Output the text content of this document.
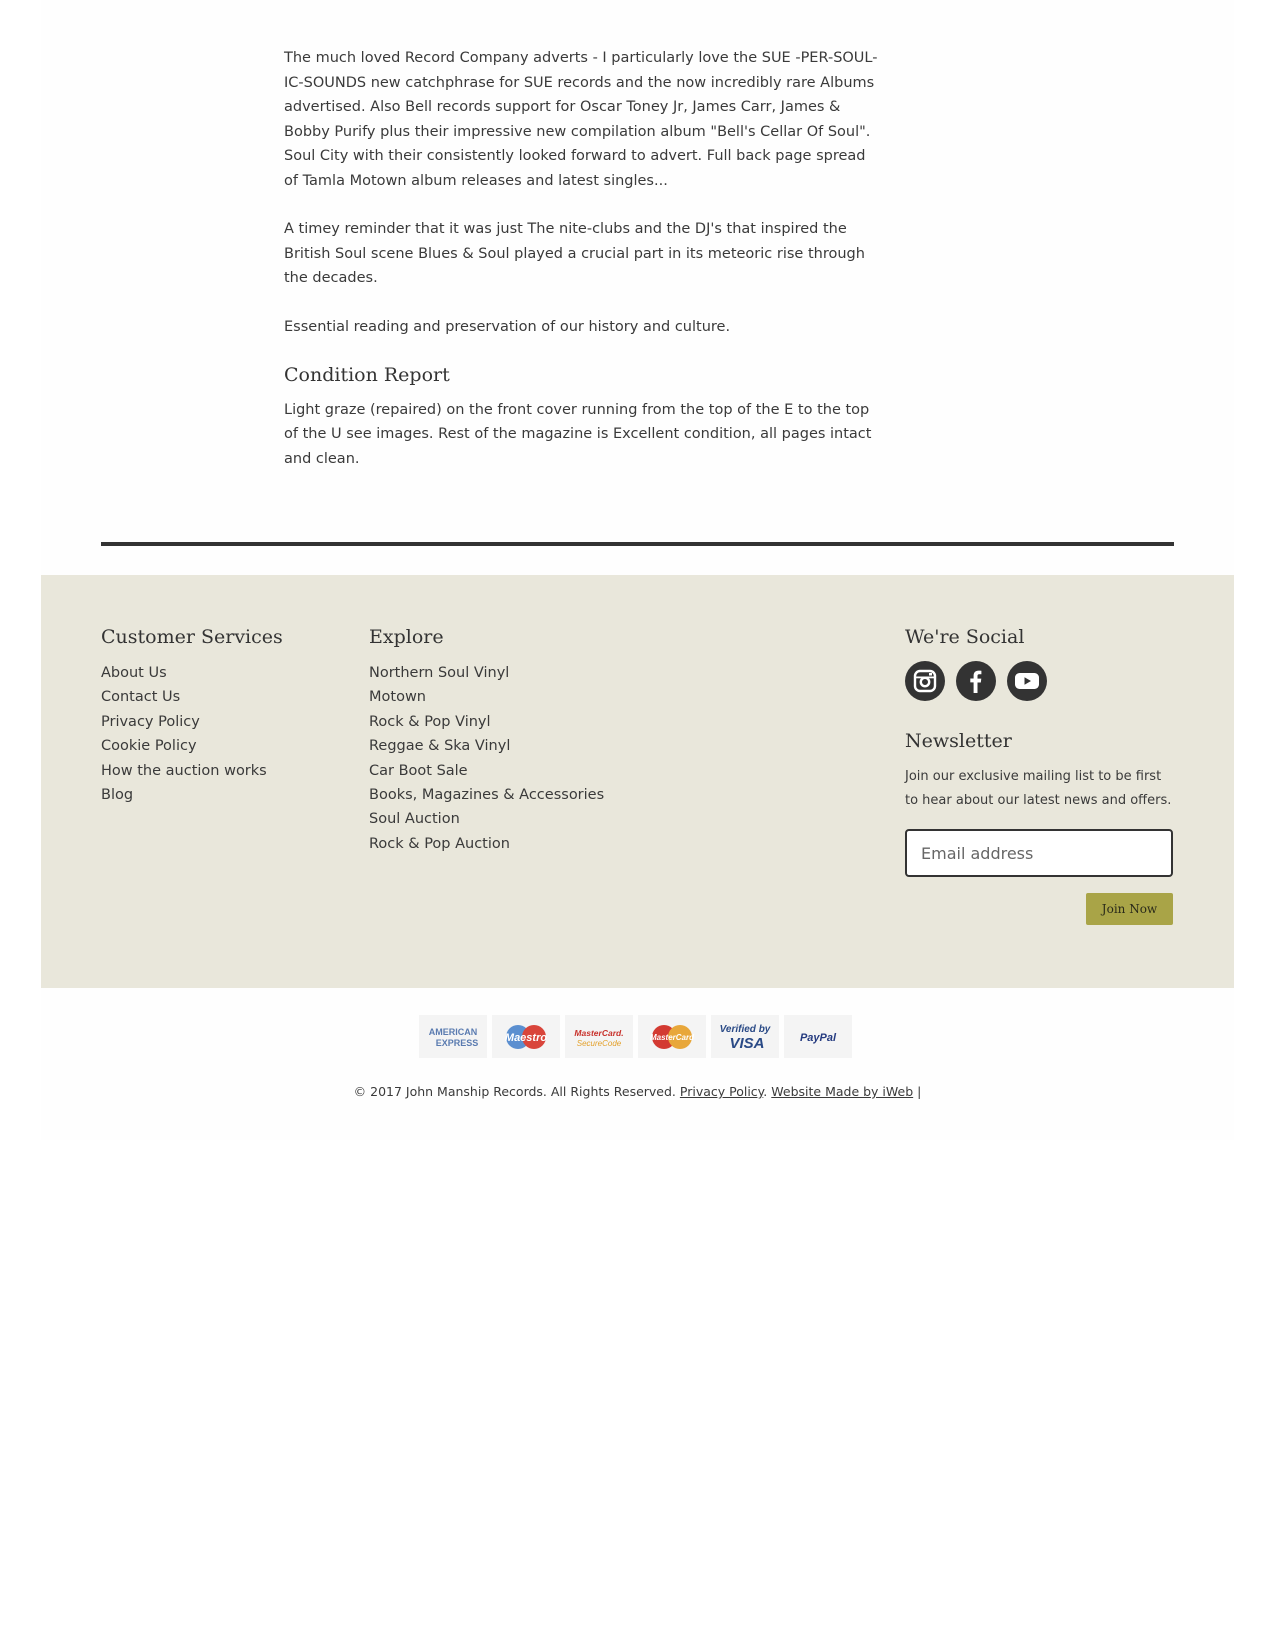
The much loved Record Company adverts - I particularly love the SUE -PER-SOUL-IC-SOUNDS new catchphrase for SUE records and the now incredibly rare Albums advertised. Also Bell records support for Oscar Toney Jr, James Carr, James & Bobby Purify plus their impressive new compilation album "Bell's Cellar Of Soul". Soul City with their consistently looked forward to advert. Full back page spread of Tamla Motown album releases and latest singles...

A timey reminder that it was just The nite-clubs and the DJ's that inspired the British Soul scene Blues & Soul played a crucial part in its meteoric rise through the decades.

Essential reading and preservation of our history and culture.

Condition Report

Light graze (repaired) on the front cover running from the top of the E to the top of the U see images. Rest of the magazine is Excellent condition, all pages intact and clean.

Customer Services
About Us
Contact Us
Privacy Policy
Cookie Policy
How the auction works
Blog
Explore
Northern Soul Vinyl
Motown
Rock & Pop Vinyl
Reggae & Ska Vinyl
Car Boot Sale
Books, Magazines & Accessories
Soul Auction
Rock & Pop Auction
We're Social
Newsletter

Join our exclusive mailing list to be first to hear about our latest news and offers.

Email address
Join Now
AMERICAN
EXPRESS Maestro	MasterCard.
SecureCode
MasterCard
Verified by
VISA	PayPal
© 2017 John Manship Records. All Rights Reserved. Privacy Policy. Website Made by iWeb |
